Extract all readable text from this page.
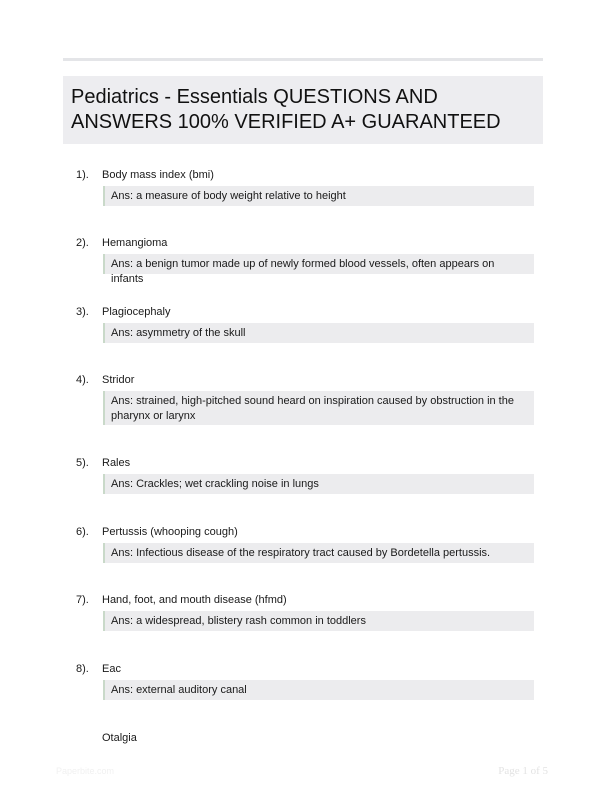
Pediatrics - Essentials QUESTIONS AND ANSWERS 100% VERIFIED A+ GUARANTEED
1). Body mass index (bmi)
Ans: a measure of body weight relative to height
2). Hemangioma
Ans: a benign tumor made up of newly formed blood vessels, often appears on infants
3). Plagiocephaly
Ans: asymmetry of the skull
4). Stridor
Ans: strained, high-pitched sound heard on inspiration caused by obstruction in the pharynx or larynx
5). Rales
Ans: Crackles; wet crackling noise in lungs
6). Pertussis (whooping cough)
Ans: Infectious disease of the respiratory tract caused by Bordetella pertussis.
7). Hand, foot, and mouth disease (hfmd)
Ans: a widespread, blistery rash common in toddlers
8). Eac
Ans: external auditory canal
Otalgia
Paperbite.com	Page 1 of 5
